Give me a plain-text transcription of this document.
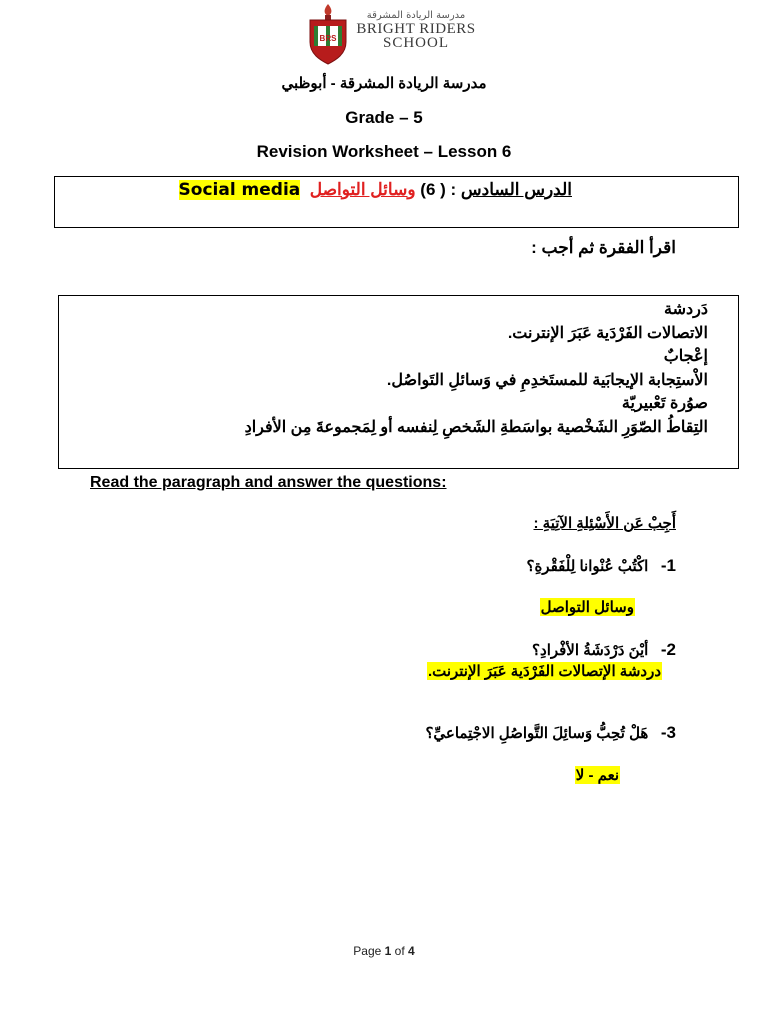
BRS
مدرسة الريادة المشرقة
BRIGHT RIDERS
SCHOOL
مدرسة الريادة المشرقة - أبوظبي
Grade – 5
Revision Worksheet – Lesson 6
الدرس السادس : ( 6) وسائل التواصل  Social media
اقرأ الفقرة ثم أجب :
دَردشة
الاتصالات الفَرْدَية عَبَرَ الإنترنت.
إعْجابٌ
الاْستِجابة الإيجابَية للمستَخدِمِ في وَسائلِ التَواصُل.
صوُرة تَعْبيريّة
التِقاطُ الصّوَرِ الشَخْصية بواسَطةِ الشَخصِ لِنفسه أو لِمَجموعةَ مِن الأفرادِ
Read the paragraph and answer the questions:
أَجِبْ عَن الأَسْئِلةِ الآتِيَةِ :
1-   اكْتُبْ عُنْوانا لِلْفَقْرةِ؟
وسائل التواصل
2-   أيْنَ دَرْدَشَةُ الأفْرادِ؟
دردشة الإتصالات الفَرْدَية عَبَرَ الإنترنت.
3-   هَلْ تُحِبُّ وَسائِلَ التَّواصُلِ الاجْتِماعيِّ؟
نعم - لا
Page 1 of 4
